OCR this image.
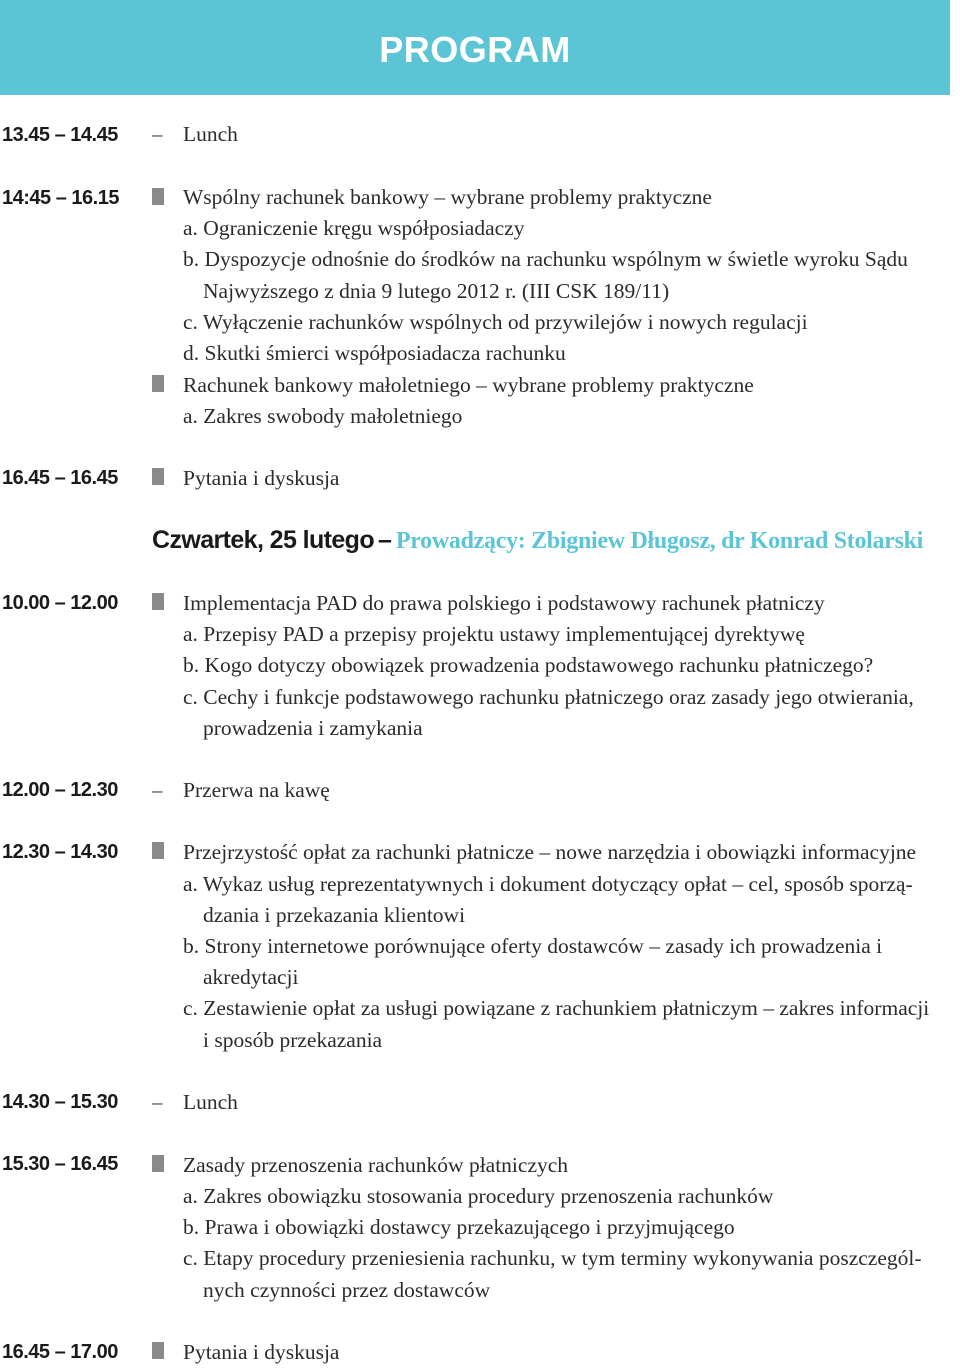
PROGRAM
13.45 – 14.45 – Lunch
14:45 – 16.15	Wspólny rachunek bankowy – wybrane problemy praktyczne
a. Ograniczenie kręgu współposiadaczy
b. Dyspozycje odnośnie do środków na rachunku wspólnym w świetle wyroku Sądu
Najwyższego z dnia 9 lutego 2012 r. (III CSK 189/11)
c. Wyłączenie rachunków wspólnych od przywilejów i nowych regulacji
d. Skutki śmierci współposiadacza rachunku
Rachunek bankowy małoletniego – wybrane problemy praktyczne
a. Zakres swobody małoletniego
16.45 – 16.45	Pytania i dyskusja
Czwartek, 25 lutego – Prowadzący: Zbigniew Długosz, dr Konrad Stolarski
10.00 – 12.00	Implementacja PAD do prawa polskiego i podstawowy rachunek płatniczy
a. Przepisy PAD a przepisy projektu ustawy implementującej dyrektywę
b. Kogo dotyczy obowiązek prowadzenia podstawowego rachunku płatniczego?
c. Cechy i funkcje podstawowego rachunku płatniczego oraz zasady jego otwierania,
prowadzenia i zamykania
12.00 – 12.30 – Przerwa na kawę
12.30 – 14.30	Przejrzystość opłat za rachunki płatnicze – nowe narzędzia i obowiązki informacyjne
a. Wykaz usług reprezentatywnych i dokument dotyczący opłat – cel, sposób sporzą-
dzania i przekazania klientowi
b. Strony internetowe porównujące oferty dostawców – zasady ich prowadzenia i
akredytacji
c. Zestawienie opłat za usługi powiązane z rachunkiem płatniczym – zakres informacji
i sposób przekazania
14.30 – 15.30 – Lunch
15.30 – 16.45	Zasady przenoszenia rachunków płatniczych
a. Zakres obowiązku stosowania procedury przenoszenia rachunków
b. Prawa i obowiązki dostawcy przekazującego i przyjmującego
c. Etapy procedury przeniesienia rachunku, w tym terminy wykonywania poszczegól-
nych czynności przez dostawców
16.45 – 17.00	Pytania i dyskusja
